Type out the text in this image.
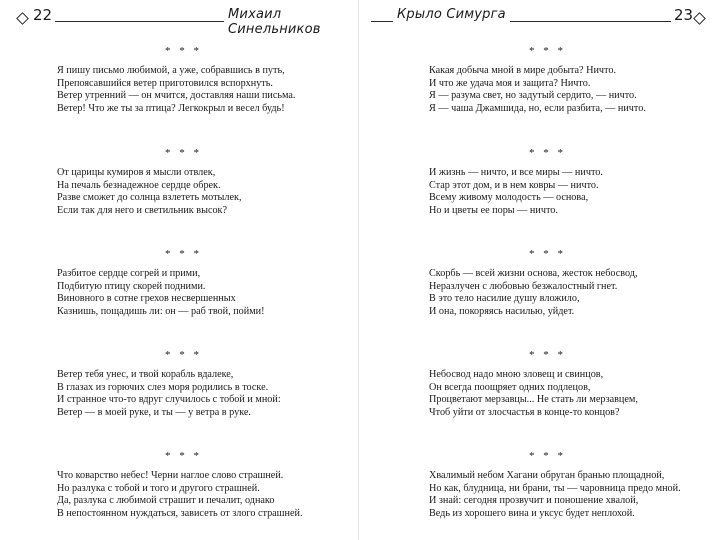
22	Михаил Синельников
* * *
Я пишу письмо любимой, а уже, собравшись в путь,
Препоясавшийся ветер приготовился вспорхнуть.
Ветер утренний — он мчится, доставляя наши письма.
Ветер! Что же ты за птица? Легкокрыл и весел будь!
* * *
От царицы кумиров я мысли отвлек,
На печаль безнадежное сердце обрек.
Разве сможет до солнца взлететь мотылек,
Если так для него и светильник высок?
* * *
Разбитое сердце согрей и прими,
Подбитую птицу скорей подними.
Виновного в сотне грехов несвершенных
Казнишь, пощадишь ли: он — раб твой, пойми!
* * *
Ветер тебя унес, и твой корабль вдалеке,
В глазах из горючих слез моря родились в тоске.
И странное что-то вдруг случилось с тобой и мной:
Ветер — в моей руке, и ты — у ветра в руке.
* * *
Что коварство небес! Черни наглое слово страшней.
Но разлука с тобой и того и другого страшней.
Да, разлука с любимой страшит и печалит, однако
В непостоянном нуждаться, зависеть от злого страшней.
Крыло Симурга	23
* * *
Какая добыча мной в мире добыта? Ничто.
И что же удача моя и защита? Ничто.
Я — разума свет, но задутый сердито, — ничто.
Я — чаша Джамшида, но, если разбита, — ничто.
* * *
И жизнь — ничто, и все миры — ничто.
Стар этот дом, и в нем ковры — ничто.
Всему живому молодость — основа,
Но и цветы ее поры — ничто.
* * *
Скорбь — всей жизни основа, жесток небосвод,
Неразлучен с любовью безжалостный гнет.
В это тело насилие душу вложило,
И она, покоряясь насилью, уйдет.
* * *
Небосвод надо мною зловещ и свинцов,
Он всегда поощряет одних подлецов,
Процветают мерзавцы... Не стать ли мерзавцем,
Чтоб уйти от злосчастья в конце-то концов?
* * *
Хвалимый небом Хагани обруган бранью площадной,
Но как, блудница, ни брани, ты — чаровница предо мной.
И знай: сегодня прозвучит и поношение хвалой,
Ведь из хорошего вина и уксус будет неплохой.
